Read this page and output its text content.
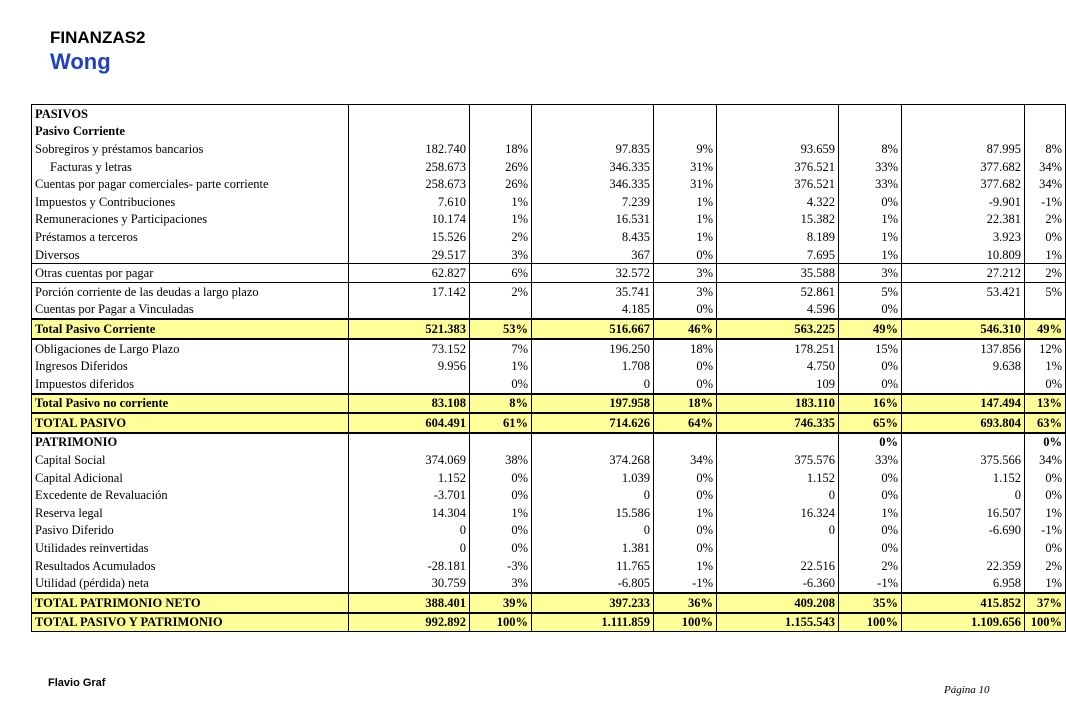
FINANZAS2
Wong
PASIVOS								
Pasivo Corriente								
Sobregiros y préstamos bancarios	182.740	18%	97.835	9%	93.659	8%	87.995	8%
Facturas y letras	258.673	26%	346.335	31%	376.521	33%	377.682	34%
Cuentas por pagar comerciales- parte corriente	258.673	26%	346.335	31%	376.521	33%	377.682	34%
Impuestos y Contribuciones	7.610	1%	7.239	1%	4.322	0%	-9.901	-1%
Remuneraciones y Participaciones	10.174	1%	16.531	1%	15.382	1%	22.381	2%
Préstamos a terceros	15.526	2%	8.435	1%	8.189	1%	3.923	0%
Diversos	29.517	3%	367	0%	7.695	1%	10.809	1%
Otras cuentas por pagar	62.827	6%	32.572	3%	35.588	3%	27.212	2%
Porción corriente de las deudas a largo plazo	17.142	2%	35.741	3%	52.861	5%	53.421	5%
Cuentas por Pagar a Vinculadas			4.185	0%	4.596	0%		
Total Pasivo Corriente	521.383	53%	516.667	46%	563.225	49%	546.310	49%
Obligaciones de Largo Plazo	73.152	7%	196.250	18%	178.251	15%	137.856	12%
Ingresos Diferidos	9.956	1%	1.708	0%	4.750	0%	9.638	1%
Impuestos diferidos		0%	0	0%	109	0%		0%
Total Pasivo no corriente	83.108	8%	197.958	18%	183.110	16%	147.494	13%
TOTAL PASIVO	604.491	61%	714.626	64%	746.335	65%	693.804	63%
PATRIMONIO						0%		0%
Capital Social	374.069	38%	374.268	34%	375.576	33%	375.566	34%
Capital Adicional	1.152	0%	1.039	0%	1.152	0%	1.152	0%
Excedente de Revaluación	-3.701	0%	0	0%	0	0%	0	0%
Reserva legal	14.304	1%	15.586	1%	16.324	1%	16.507	1%
Pasivo Diferido	0	0%	0	0%	0	0%	-6.690	-1%
Utilidades reinvertidas	0	0%	1.381	0%		0%		0%
Resultados Acumulados	-28.181	-3%	11.765	1%	22.516	2%	22.359	2%
Utilidad (pérdida) neta	30.759	3%	-6.805	-1%	-6.360	-1%	6.958	1%
TOTAL PATRIMONIO NETO	388.401	39%	397.233	36%	409.208	35%	415.852	37%
TOTAL PASIVO Y PATRIMONIO	992.892	100%	1.111.859	100%	1.155.543	100%	1.109.656	100%
Flavio Graf
Página 10
